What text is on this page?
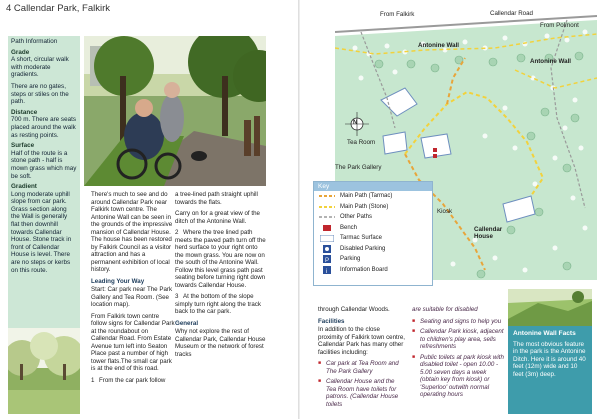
4 Callendar Park, Falkirk

Path Information

Grade

A short, circular walk with moderate gradients.

There are no gates, steps or stiles on the path.

Distance

700 m. There are seats placed around the walk as resting points.

Surface

Half of the route is a stone path - half is mown grass which may be soft.

Gradient

Long moderate uphill slope from car park. Grass section along the Wall is generally flat then downhill towards Callendar House. Stone track in front of Callendar House is level. There are no steps or kerbs on this route.

There's much to see and do around Callendar Park near Falkirk town centre. The Antonine Wall can be seen in the grounds of the impressive mansion of Callendar House. The house has been restored by Falkirk Council as a visitor attraction and has a permanent exhibition of local history.

Leading Your Way

Start: Car park near The Park Gallery and Tea Room. (See location map).

From Falkirk town centre follow signs for Callendar Park at the roundabout on Callendar Road. From Estate Avenue turn left into Seaton Place past a number of high tower flats.The small car park is at the end of this road.

1 From the car park follow

a tree-lined path straight uphill towards the flats.

Carry on for a great view of the ditch of the Antonine Wall.

2 Where the tree lined path meets the paved path turn off the herd surface to your right onto the mown grass. You are now on the south of the Antonine Wall. Follow this level grass path past seating before turning right down towards Callendar House.

3 At the bottom of the slope simply turn right along the track back to the car park.

General

Why not explore the rest of Callendar Park, Callendar House Museum or the network of forest tracks

From Falkirk	Callendar Road
From Polmont
Antonine Wall
Antonine Wall
N
Tea Room
The Park Gallery
Kiosk
Callendar House
Key
Main Path (Tarmac)
Main Path (Stone)
Other Paths
Bench
Tarmac Surface
Disabled Parking
P Parking
i Information Board

through Callendar Woods.

Facilities

In addition to the close proximity of Falkirk town centre, Callendar Park has many other facilities including:

■ Car park at Tea Room and The Park Gallery
■ Callendar House and the Tea Room have toilets for patrons. (Callendar House toilets

are suitable for disabled

■ Seating and signs to help you
■ Callendar Park kiosk, adjacent to children's play area, sells refreshments
■ Public toilets at park kiosk with disabled toilet - open 10.00 - 5.00 seven days a week (obtain key from kiosk) or 'Superloo' outwith normal operating hours
Antonine Wall Facts
The most obvious feature in the park is the Antonine Ditch. Here it is around 40 feet (12m) wide and 10 feet (3m) deep.
